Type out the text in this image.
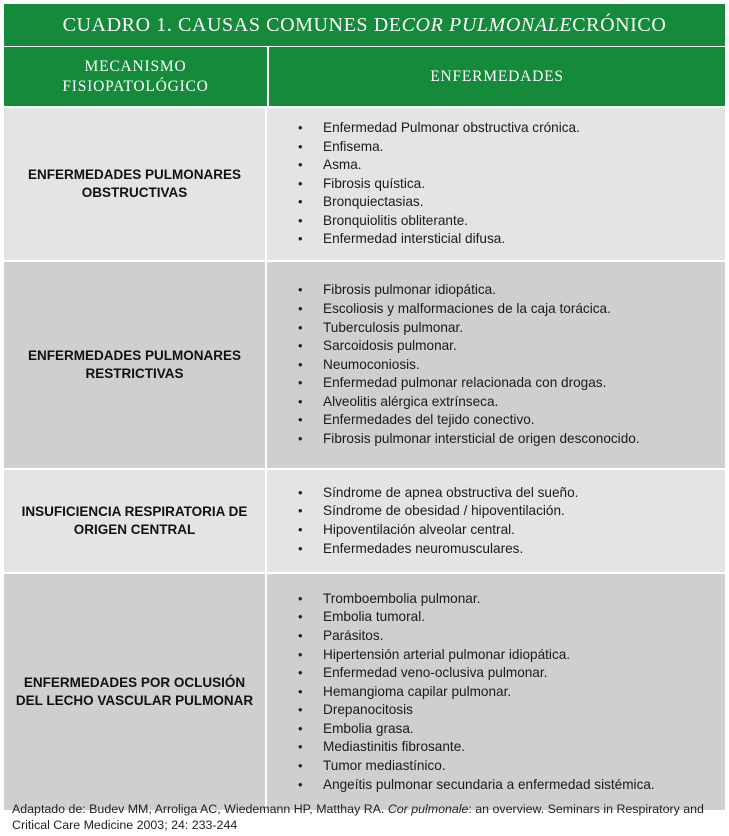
CUADRO 1. CAUSAS COMUNES DE COR PULMONALE CRÓNICO
MECANISMO
FISIOPATOLÓGICO
ENFERMEDADES
ENFERMEDADES PULMONARES OBSTRUCTIVAS
• Enfermedad Pulmonar obstructiva crónica.
• Enfisema.
• Asma.
• Fibrosis quística.
• Bronquiectasias.
• Bronquiolitis obliterante.
• Enfermedad intersticial difusa.
ENFERMEDADES PULMONARES RESTRICTIVAS
• Fibrosis pulmonar idiopática.
• Escoliosis y malformaciones de la caja torácica.
• Tuberculosis pulmonar.
• Sarcoidosis pulmonar.
• Neumoconiosis.
• Enfermedad pulmonar relacionada con drogas.
• Alveolitis alérgica extrínseca.
• Enfermedades del tejido conectivo.
• Fibrosis pulmonar intersticial de origen desconocido.
INSUFICIENCIA RESPIRATORIA DE ORIGEN CENTRAL
• Síndrome de apnea obstructiva del sueño.
• Síndrome de obesidad / hipoventilación.
• Hipoventilación alveolar central.
• Enfermedades neuromusculares.
ENFERMEDADES POR OCLUSIÓN DEL LECHO VASCULAR PULMONAR
• Tromboembolia pulmonar.
• Embolia tumoral.
• Parásitos.
• Hipertensión arterial pulmonar idiopática.
• Enfermedad veno-oclusiva pulmonar.
• Hemangioma capilar pulmonar.
• Drepanocitosis
• Embolia grasa.
• Mediastinitis fibrosante.
• Tumor mediastínico.
• Angeítis pulmonar secundaria a enfermedad sistémica.
Adaptado de: Budev MM, Arroliga AC, Wiedemann HP, Matthay RA. Cor pulmonale: an overview. Seminars in Respiratory and Critical Care Medicine 2003; 24: 233-244
